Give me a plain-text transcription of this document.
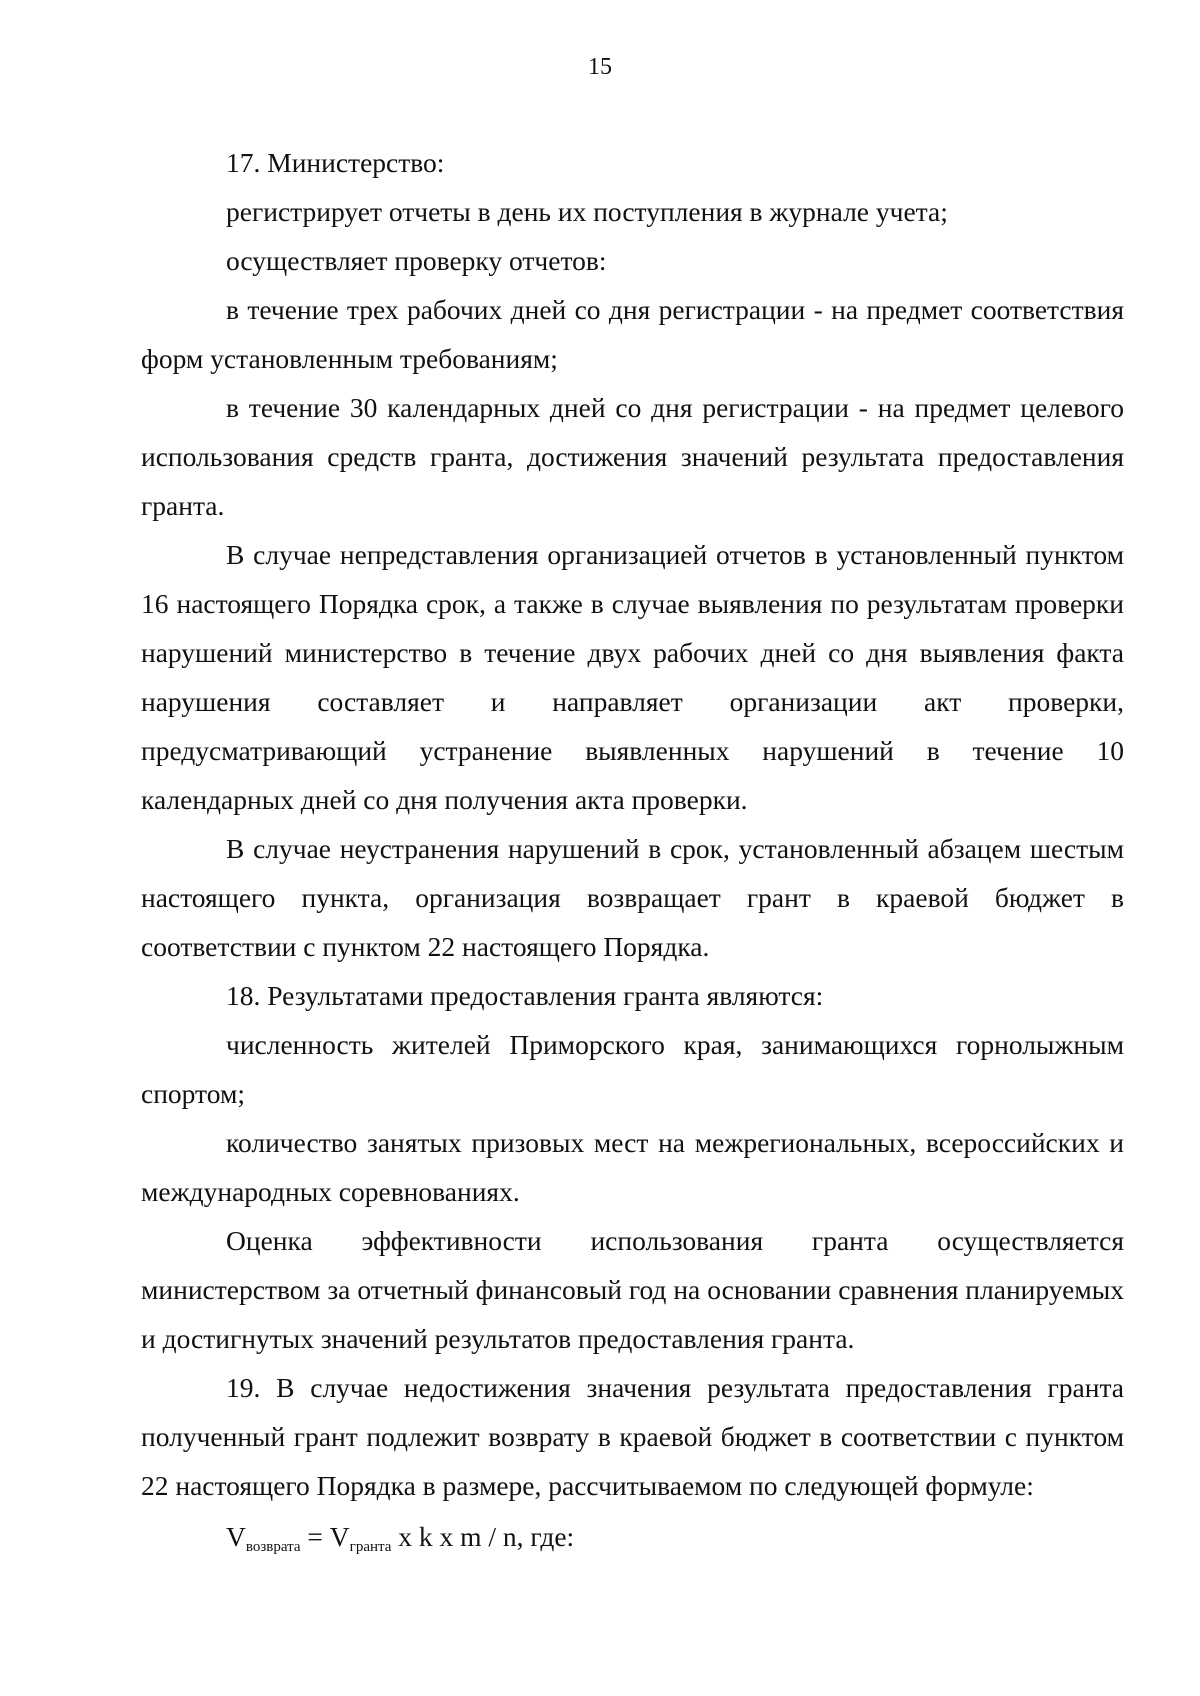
15

17. Министерство:

регистрирует отчеты в день их поступления в журнале учета;

осуществляет проверку отчетов:

в течение трех рабочих дней со дня регистрации - на предмет соответствия форм установленным требованиям;

в течение 30 календарных дней со дня регистрации - на предмет целевого использования средств гранта, достижения значений результата предоставления гранта.

В случае непредставления организацией отчетов в установленный пунктом 16 настоящего Порядка срок, а также в случае выявления по результатам проверки нарушений министерство в течение двух рабочих дней со дня выявления факта нарушения составляет и направляет организации акт проверки, предусматривающий устранение выявленных нарушений в течение 10 календарных дней со дня получения акта проверки.

В случае неустранения нарушений в срок, установленный абзацем шестым настоящего пункта, организация возвращает грант в краевой бюджет в соответствии с пунктом 22 настоящего Порядка.

18. Результатами предоставления гранта являются:

численность жителей Приморского края, занимающихся горнолыжным спортом;

количество занятых призовых мест на межрегиональных, всероссийских и международных соревнованиях.

Оценка эффективности использования гранта осуществляется министерством за отчетный финансовый год на основании сравнения планируемых и достигнутых значений результатов предоставления гранта.

19. В случае недостижения значения результата предоставления гранта полученный грант подлежит возврату в краевой бюджет в соответствии с пунктом 22 настоящего Порядка в размере, рассчитываемом по следующей формуле:

$V_{возврата} = V_{гранта}$ x k x m / n, где:
